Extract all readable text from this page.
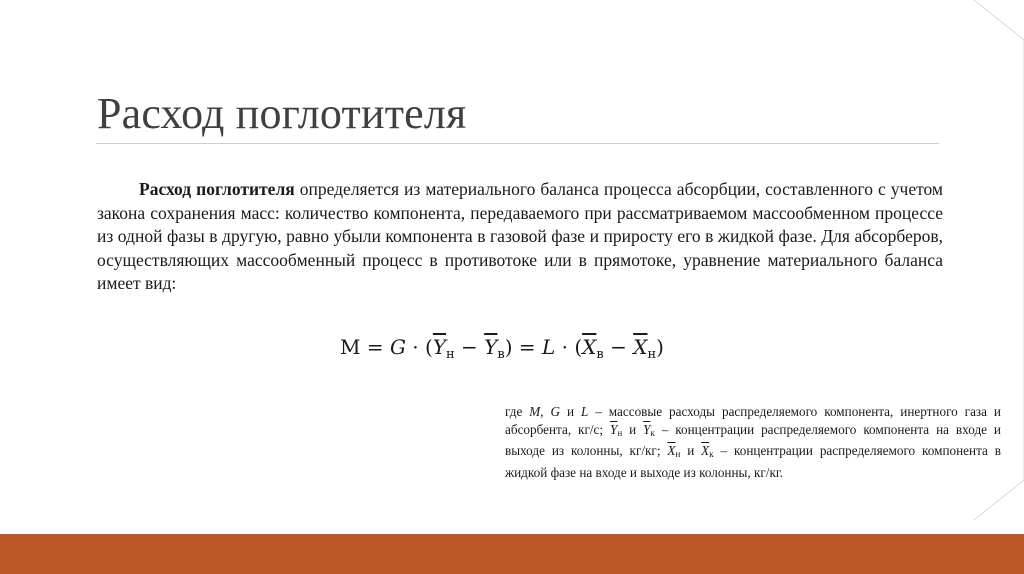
Расход поглотителя
Расход поглотителя определяется из материального баланса процесса абсорбции, составленного с учетом закона сохранения масс: количество компонента, передаваемого при рассматриваемом массообменном процессе из одной фазы в другую, равно убыли компонента в газовой фазе и приросту его в жидкой фазе. Для абсорберов, осуществляющих массообменный процесс в противотоке или в прямотоке, уравнение материального баланса имеет вид:
$М = G \cdot (\overline{Y}_н - \overline{Y}_в) = L \cdot (\overline{X}_в - \overline{X}_н)$
где M, G и L – массовые расходы распределяемого компонента, инертного газа и абсорбента, кг/с; $\overline{Y}н$ и $\overline{Y}к$ – концентрации распределяемого компонента на входе и выходе из колонны, кг/кг; $\overline{X}н$ и $\overline{X}к$ – концентрации распределяемого компонента в жидкой фазе на входе и выходе из колонны, кг/кг.
